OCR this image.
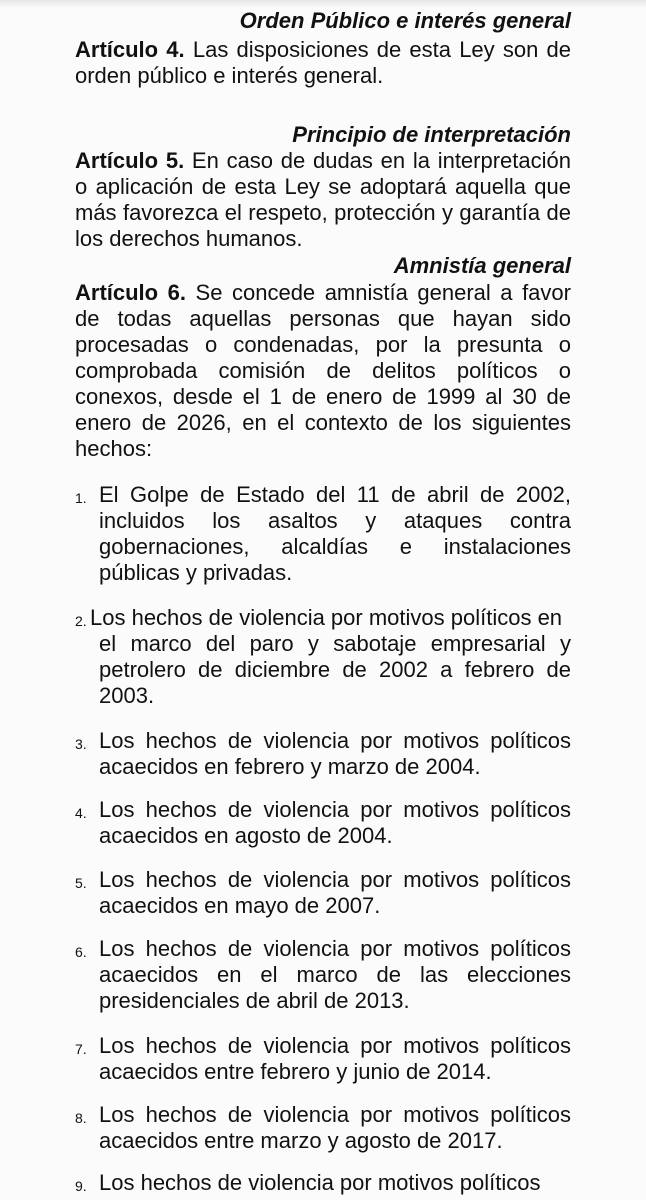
Orden Público e interés general

Artículo 4. Las disposiciones de esta Ley son de orden público e interés general.

Principio de interpretación

Artículo 5. En caso de dudas en la interpretación o aplicación de esta Ley se adoptará aquella que más favorezca el respeto, protección y garantía de los derechos humanos.

Amnistía general

Artículo 6. Se concede amnistía general a favor de todas aquellas personas que hayan sido procesadas o condenadas, por la presunta o comprobada comisión de delitos políticos o conexos, desde el 1 de enero de 1999 al 30 de enero de 2026, en el contexto de los siguientes hechos:

1. El Golpe de Estado del 11 de abril de 2002, incluidos los asaltos y ataques contra gobernaciones, alcaldías e instalaciones públicas y privadas.
2. Los hechos de violencia por motivos políticos en
el marco del paro y sabotaje empresarial y petrolero de diciembre de 2002 a febrero de 2003.
3. Los hechos de violencia por motivos políticos acaecidos en febrero y marzo de 2004.
4. Los hechos de violencia por motivos políticos acaecidos en agosto de 2004.
5. Los hechos de violencia por motivos políticos acaecidos en mayo de 2007.
6. Los hechos de violencia por motivos políticos acaecidos en el marco de las elecciones presidenciales de abril de 2013.
7. Los hechos de violencia por motivos políticos acaecidos entre febrero y junio de 2014.
8. Los hechos de violencia por motivos políticos acaecidos entre marzo y agosto de 2017.
9. Los hechos de violencia por motivos políticos
